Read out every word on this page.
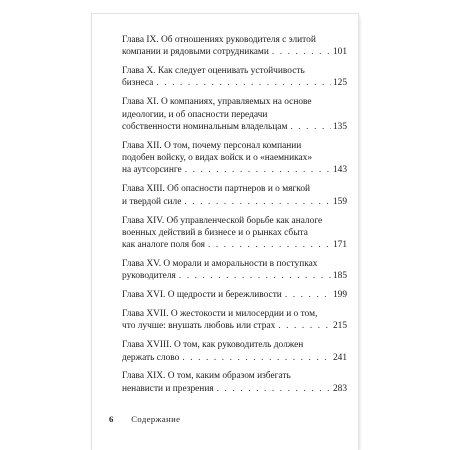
Глава IX. Об отношениях руководителя с элитой
компании и рядовыми сотрудниками . . .	101
Глава X. Как следует оценивать устойчивость
бизнеса . . .	125
Глава XI. О компаниях, управляемых на основе
идеологии, и об опасности передачи
собственности номинальным владельцам . . .	135
Глава XII. О том, почему персонал компании
подобен войску, о видах войск и о «наемниках»
на аутсорсинге . . .	143
Глава XIII. Об опасности партнеров и о мягкой
и твердой силе . . .	159
Глава XIV. Об управленческой борьбе как аналоге
военных действий в бизнесе и о рынках сбыта
как аналоге поля боя . . .	171
Глава XV. О морали и аморальности в поступках
руководителя . . .	185
Глава XVI. О щедрости и бережливости . . .	199
Глава XVII. О жестокости и милосердии и о том,
что лучше: внушать любовь или страх . . .	215
Глава XVIII. О том, как руководитель должен
держать слово . . .	241
Глава XIX. О том, каким образом избегать
ненависти и презрения . . .	283
6 Содержание
